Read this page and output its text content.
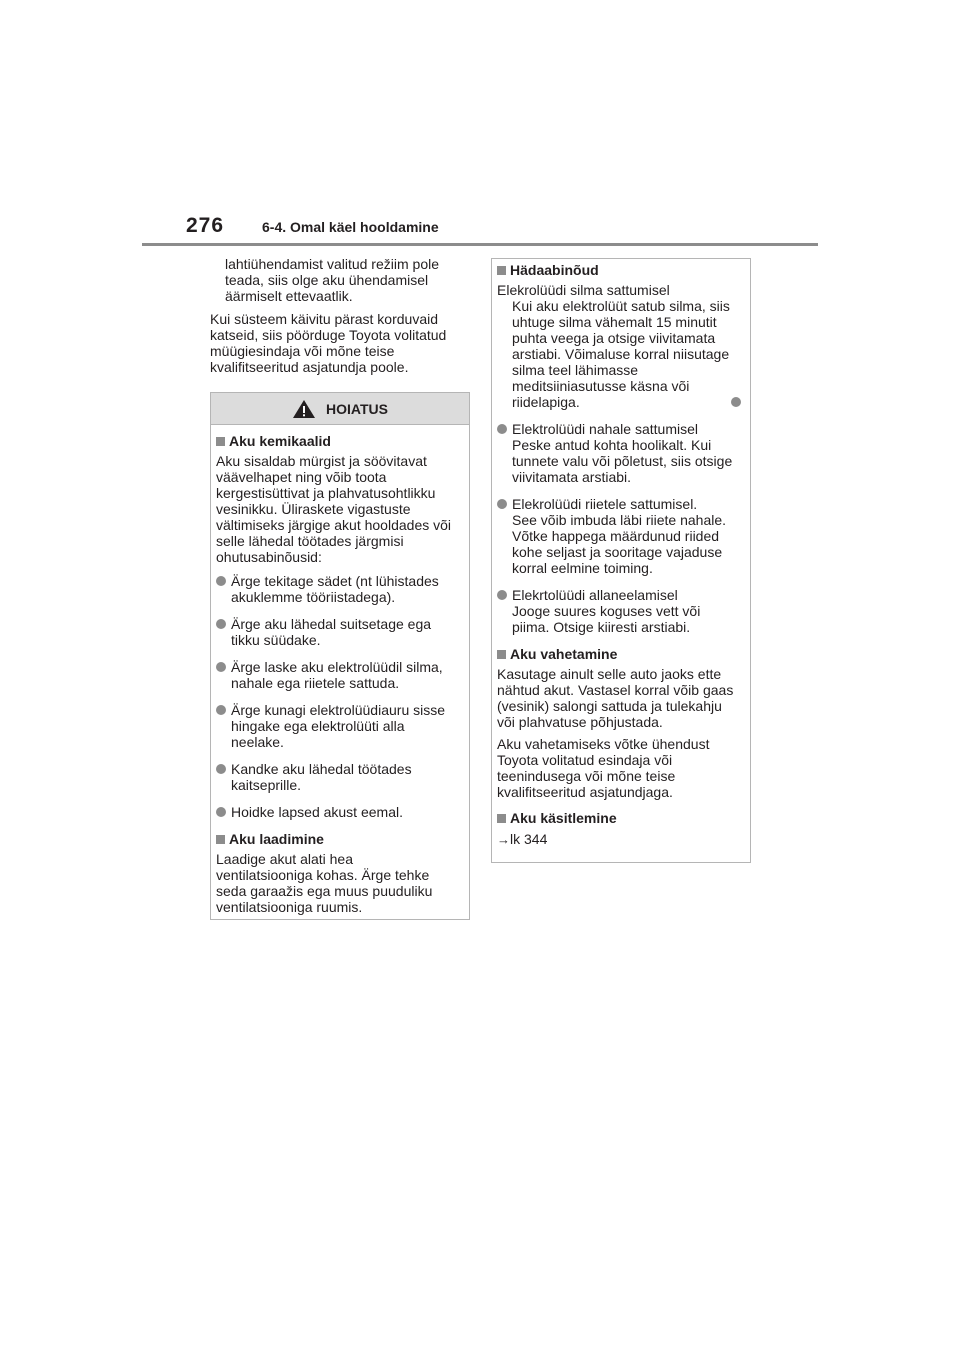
276	6-4. Omal käel hooldamine

lahtiühendamist valitud režiim pole

teada, siis olge aku ühendamisel

äärmiselt ettevaatlik.

Kui süsteem käivitu pärast korduvaid

katseid, siis pöörduge Toyota volitatud

müügiesindaja või mõne teise

kvalifitseeritud asjatundja poole.

HOIATUS

Aku kemikaalid

Aku sisaldab mürgist ja söövitavat

väävelhapet ning võib toota

kergestisüttivat ja plahvatusohtlikku

vesinikku. Üliraskete vigastuste

vältimiseks järgige akut hooldades või

selle lähedal töötades järgmisi

ohutusabinõusid:

Ärge tekitage sädet (nt lühistades

akuklemme tööriistadega).

Ärge aku lähedal suitsetage ega

tikku süüdake.

Ärge laske aku elektrolüüdil silma,

nahale ega riietele sattuda.

Ärge kunagi elektrolüüdiauru sisse

hingake ega elektrolüüti alla

neelake.

Kandke aku lähedal töötades

kaitseprille.

Hoidke lapsed akust eemal.

Aku laadimine

Laadige akut alati hea

ventilatsiooniga kohas. Ärge tehke

seda garaažis ega muus puuduliku

ventilatsiooniga ruumis.

Hädaabinõud

Elekrolüüdi silma sattumisel

Kui aku elektrolüüt satub silma, siis

uhtuge silma vähemalt 15 minutit

puhta veega ja otsige viivitamata

arstiabi. Võimaluse korral niisutage

silma teel lähimasse

meditsiiniasutusse käsna või

riidelapiga.

Elektrolüüdi nahale sattumisel

Peske antud kohta hoolikalt. Kui

tunnete valu või põletust, siis otsige

viivitamata arstiabi.

Elekrolüüdi riietele sattumisel.

See võib imbuda läbi riiete nahale.

Võtke happega määrdunud riided

kohe seljast ja sooritage vajaduse

korral eelmine toiming.

Elekrtolüüdi allaneelamisel

Jooge suures koguses vett või

piima. Otsige kiiresti arstiabi.

Aku vahetamine

Kasutage ainult selle auto jaoks ette

nähtud akut. Vastasel korral võib gaas

(vesinik) salongi sattuda ja tulekahju

või plahvatuse põhjustada.

Aku vahetamiseks võtke ühendust

Toyota volitatud esindaja või

teenindusega või mõne teise

kvalifitseeritud asjatundjaga.

Aku käsitlemine

→lk 344
